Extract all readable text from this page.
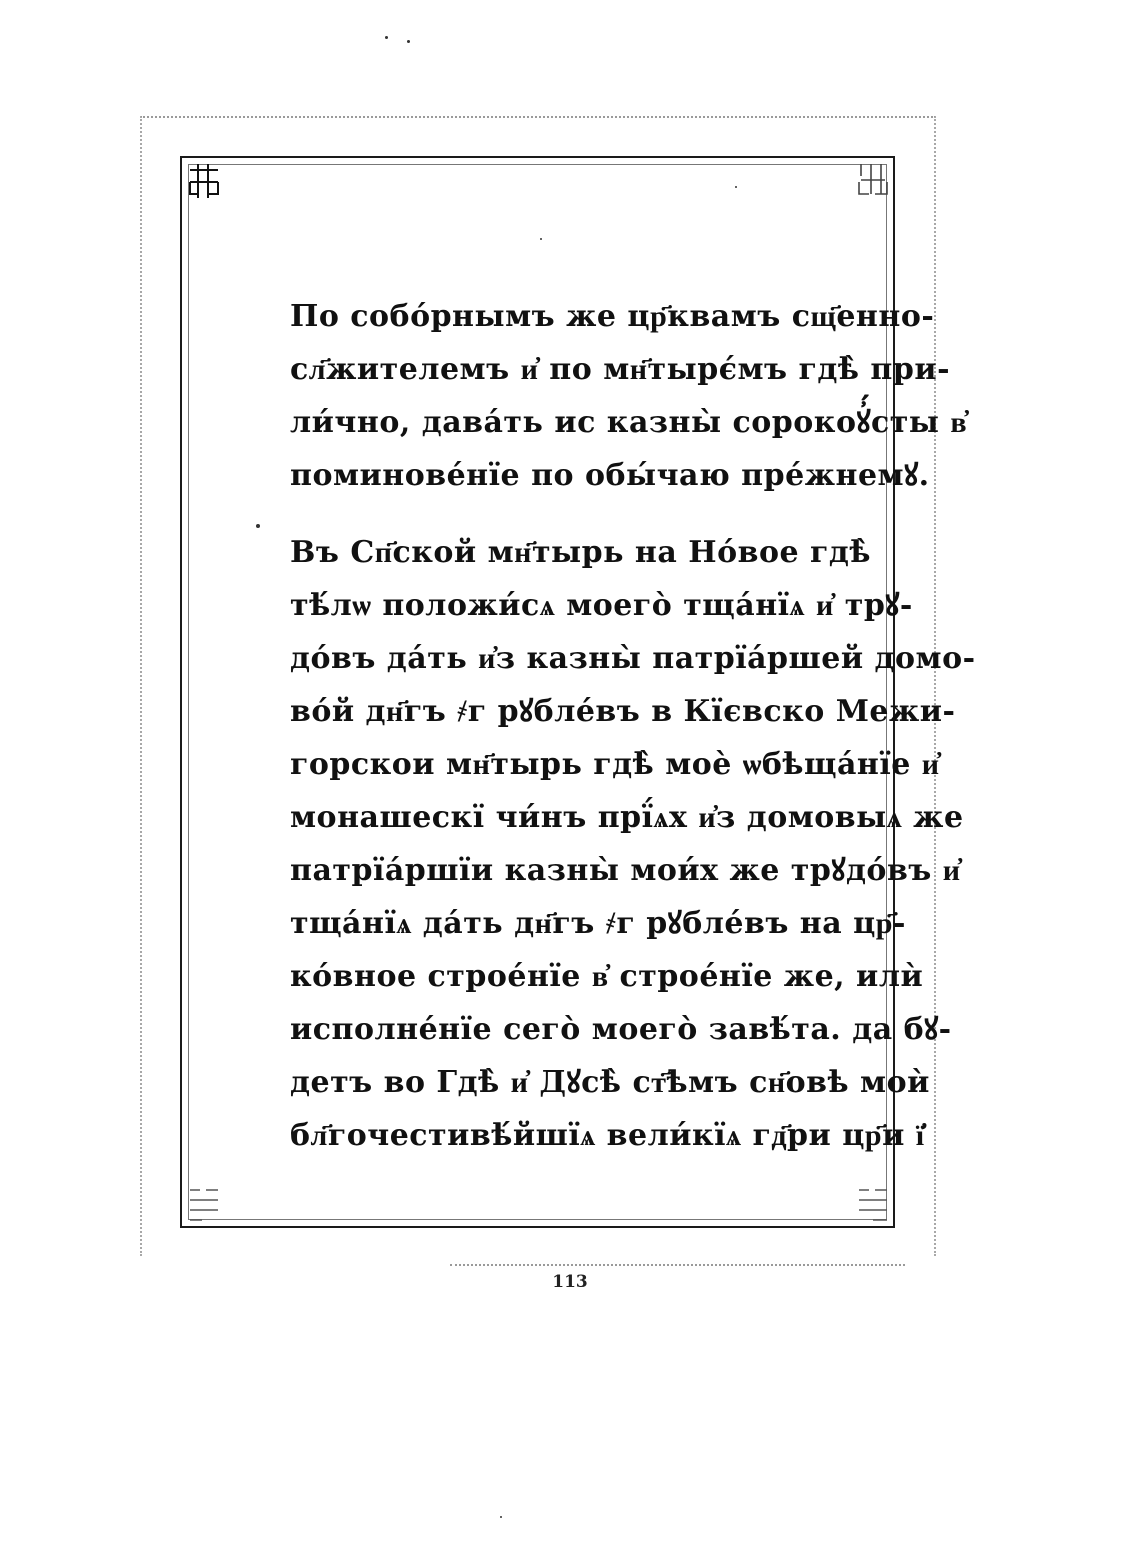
По собо́рнымъ же цр҃квамъ сщ҃енно-
сл҃жителемъ и҆ по мн҃тырє́мъ гдѣ̀ при-
ли́чно, дава́ть ис казны̀ сорокоꙋ҆́сты в҆
поминове́нїе по обы́чаю пре́жнемꙋ.
Въ Сп҃ской мн҃тырь на Но́вое гдѣ̀
тѣ́лѡ положи́сѧ моего̀ тща́нїѧ и҆ трꙋ-
до́въ да́ть и҆з казны̀ патрїа́ршей домо-
во́й дн҃гъ ҂г рꙋбле́въ в Кїєвско Межи-
горскои мн҃тырь гдѣ̀ моѐ ѡбѣща́нїе и҆
монашескї чи́нъ прї́ѧх и҆з домовыѧ же
патрїа́ршїи казны̀ мои́х же трꙋдо́въ и҆
тща́нїѧ да́ть дн҃гъ ҂г рꙋбле́въ на цр҃-
ко́вное строе́нїе в҆ строе́нїе же, илѝ
исполне́нїе сего̀ моего̀ завѣ́та. да бꙋ-
детъ во Гдѣ̀ и҆ Дꙋсѣ̀ ст҃ѣмъ сн҃овѣ моѝ
бл҃гочестивѣ́йшїѧ вели́кїѧ гд҃ри цр҃и ї҆
113
